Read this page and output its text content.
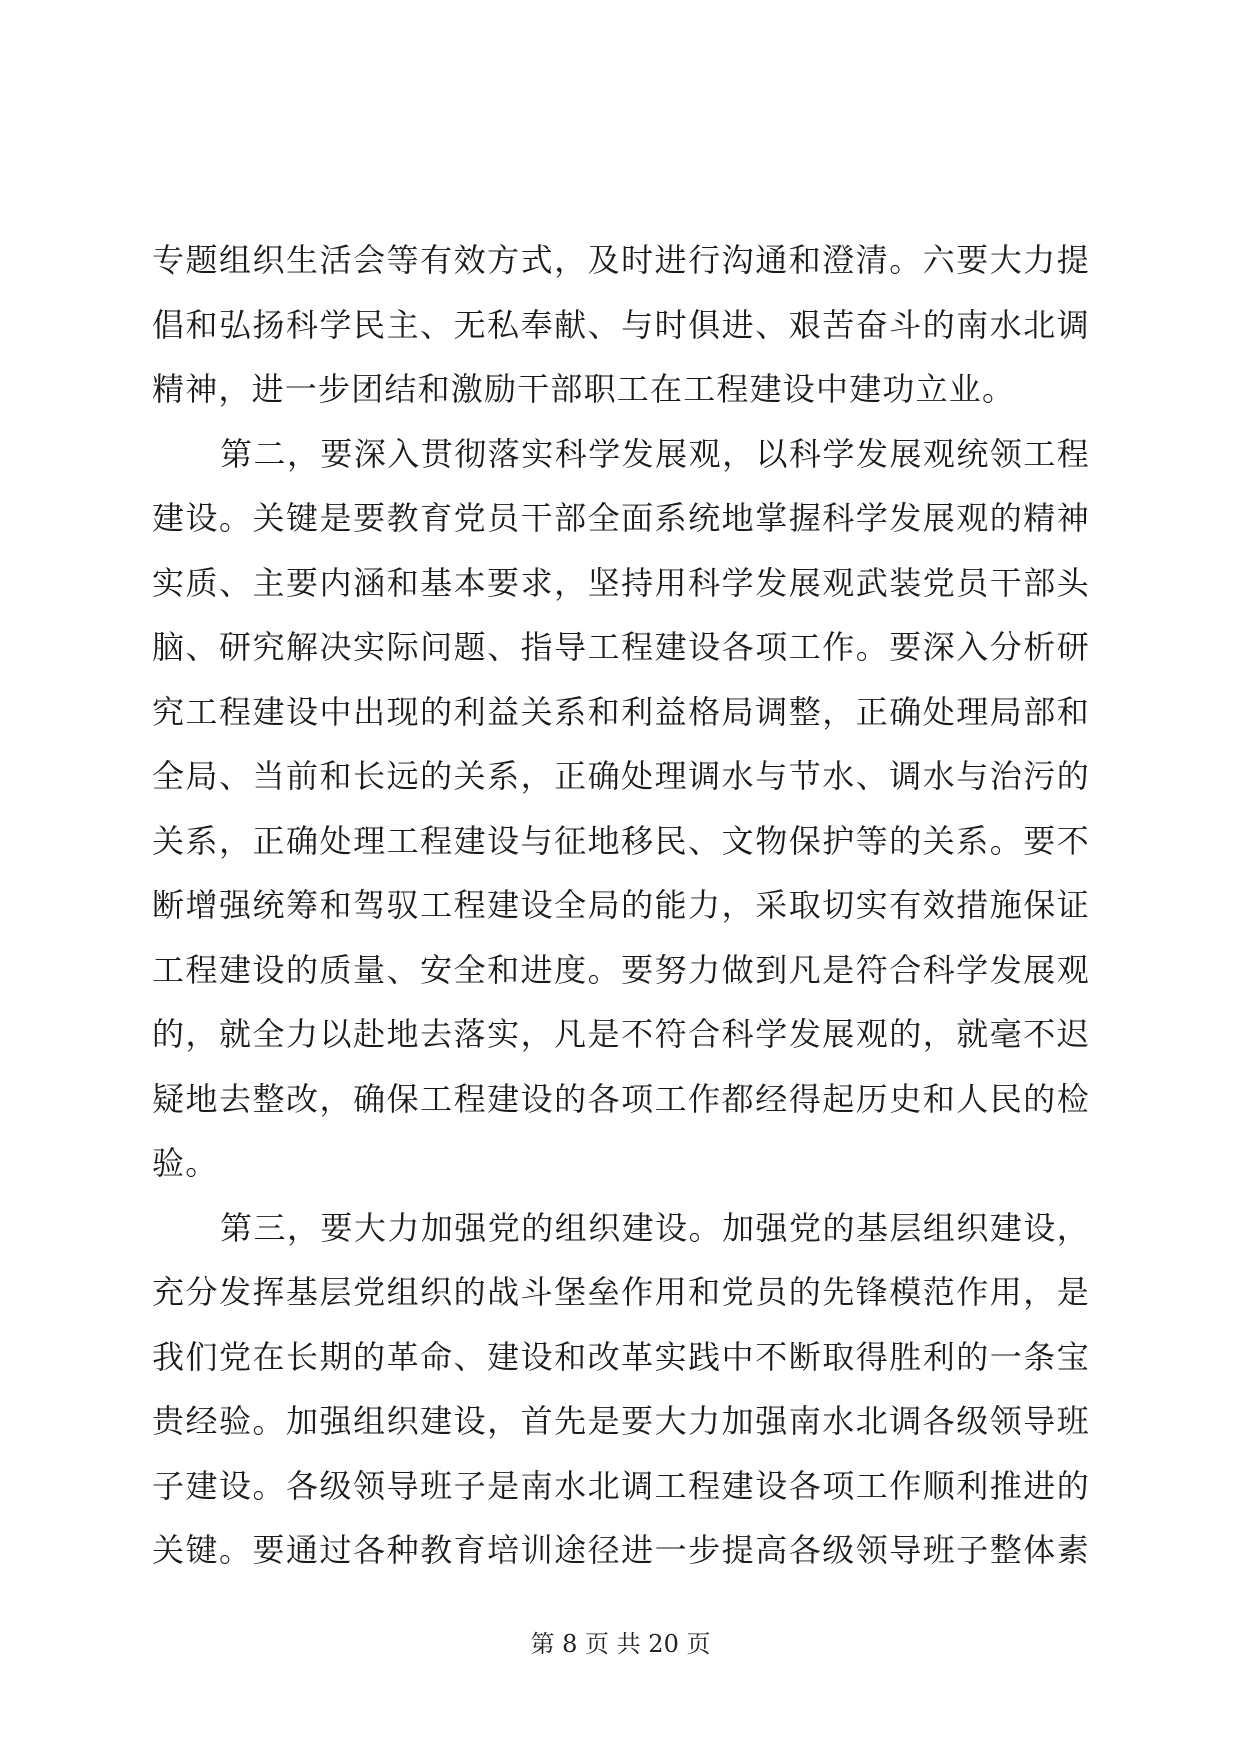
专题组织生活会等有效方式，及时进行沟通和澄清。六要大力提
倡和弘扬科学民主、无私奉献、与时俱进、艰苦奋斗的南水北调
精神，进一步团结和激励干部职工在工程建设中建功立业。
第二，要深入贯彻落实科学发展观，以科学发展观统领工程
建设。关键是要教育党员干部全面系统地掌握科学发展观的精神
实质、主要内涵和基本要求，坚持用科学发展观武装党员干部头
脑、研究解决实际问题、指导工程建设各项工作。要深入分析研
究工程建设中出现的利益关系和利益格局调整，正确处理局部和
全局、当前和长远的关系，正确处理调水与节水、调水与治污的
关系，正确处理工程建设与征地移民、文物保护等的关系。要不
断增强统筹和驾驭工程建设全局的能力，采取切实有效措施保证
工程建设的质量、安全和进度。要努力做到凡是符合科学发展观
的，就全力以赴地去落实，凡是不符合科学发展观的，就毫不迟
疑地去整改，确保工程建设的各项工作都经得起历史和人民的检
验。
第三，要大力加强党的组织建设。加强党的基层组织建设，
充分发挥基层党组织的战斗堡垒作用和党员的先锋模范作用，是
我们党在长期的革命、建设和改革实践中不断取得胜利的一条宝
贵经验。加强组织建设，首先是要大力加强南水北调各级领导班
子建设。各级领导班子是南水北调工程建设各项工作顺利推进的
关键。要通过各种教育培训途径进一步提高各级领导班子整体素
第 8 页 共 20 页
